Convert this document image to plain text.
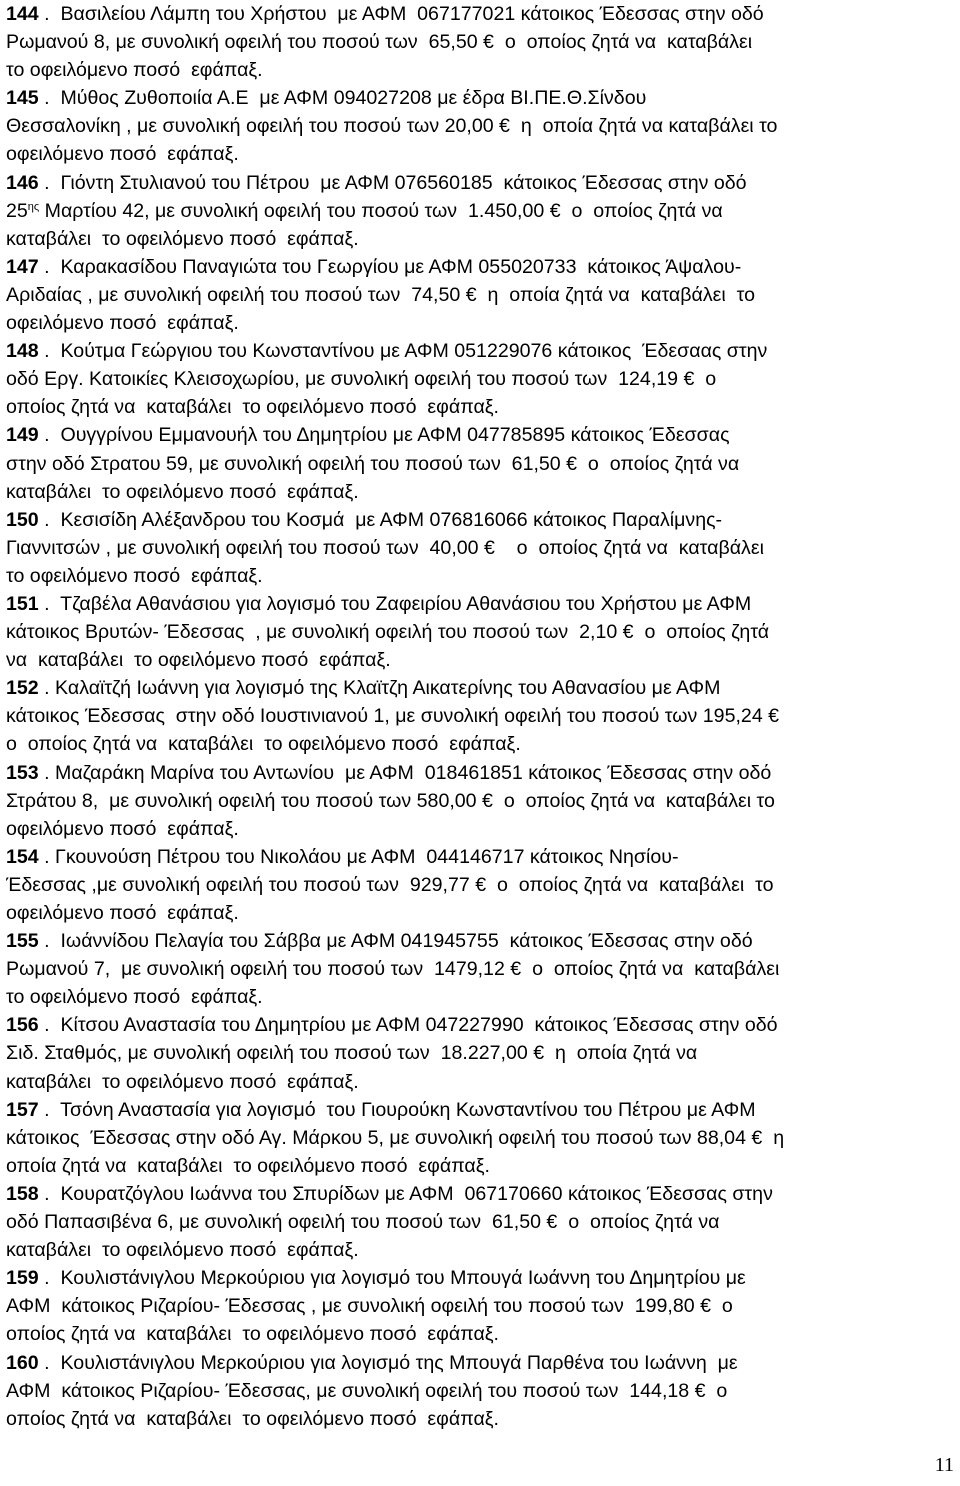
144 .  Βασιλείου Λάμπη του Χρήστου  με ΑΦΜ  067177021 κάτοικος Έδεσσας στην οδό
Ρωμανού 8, με συνολική οφειλή του ποσού των  65,50 €  ο  οποίος ζητά να  καταβάλει
το οφειλόμενο ποσό  εφάπαξ.
145 .  Μύθος Ζυθοποιία Α.Ε  με ΑΦΜ 094027208 με έδρα ΒΙ.ΠΕ.Θ.Σίνδου
Θεσσαλονίκη , με συνολική οφειλή του ποσού των 20,00 €  η  οποία ζητά να καταβάλει το
οφειλόμενο ποσό  εφάπαξ.
146 .  Γιόντη Στυλιανού του Πέτρου  με ΑΦΜ 076560185  κάτοικος Έδεσσας στην οδό
$25^{\eta\varsigma}$ Μαρτίου 42, με συνολική οφειλή του ποσού των  1.450,00 €  ο  οποίος ζητά να
καταβάλει  το οφειλόμενο ποσό  εφάπαξ.
147 .  Καρακασίδου Παναγιώτα του Γεωργίου με ΑΦΜ 055020733  κάτοικος Άψαλου-
Αριδαίας , με συνολική οφειλή του ποσού των  74,50 €  η  οποία ζητά να  καταβάλει  το
οφειλόμενο ποσό  εφάπαξ.
148 .  Κούτμα Γεώργιου του Κωνσταντίνου με ΑΦΜ 051229076 κάτοικος  Έδεσαας στην
οδό Εργ. Κατοικίες Κλεισοχωρίου, με συνολική οφειλή του ποσού των  124,19 €  ο
οποίος ζητά να  καταβάλει  το οφειλόμενο ποσό  εφάπαξ.
149 .  Ουγγρίνου Εμμανουήλ του Δημητρίου με ΑΦΜ 047785895 κάτοικος Έδεσσας
στην οδό Στρατου 59, με συνολική οφειλή του ποσού των  61,50 €  ο  οποίος ζητά να
καταβάλει  το οφειλόμενο ποσό  εφάπαξ.
150 .  Κεσισίδη Αλέξανδρου του Κοσμά  με ΑΦΜ 076816066 κάτοικος Παραλίμνης-
Γιαννιτσών , με συνολική οφειλή του ποσού των  40,00 €    ο  οποίος ζητά να  καταβάλει
το οφειλόμενο ποσό  εφάπαξ.
151 .  Τζαβέλα Αθανάσιου για λογισμό του Ζαφειρίου Αθανάσιου του Χρήστου με ΑΦΜ
κάτοικος Βρυτών- Έδεσσας  , με συνολική οφειλή του ποσού των  2,10 €  ο  οποίος ζητά
να  καταβάλει  το οφειλόμενο ποσό  εφάπαξ.
152 . Καλαϊτζή Ιωάννη για λογισμό της Κλαϊτζη Αικατερίνης του Αθανασίου με ΑΦΜ
κάτοικος Έδεσσας  στην οδό Ιουστινιανού 1, με συνολική οφειλή του ποσού των 195,24 €
ο  οποίος ζητά να  καταβάλει  το οφειλόμενο ποσό  εφάπαξ.
153 . Μαζαράκη Μαρίνα του Αντωνίου  με ΑΦΜ  018461851 κάτοικος Έδεσσας στην οδό
Στράτου 8,  με συνολική οφειλή του ποσού των 580,00 €  ο  οποίος ζητά να  καταβάλει το
οφειλόμενο ποσό  εφάπαξ.
154 . Γκουνούση Πέτρου του Νικολάου με ΑΦΜ  044146717 κάτοικος Νησίου-
Έδεσσας ,με συνολική οφειλή του ποσού των  929,77 €  ο  οποίος ζητά να  καταβάλει  το
οφειλόμενο ποσό  εφάπαξ.
155 .  Ιωάννίδου Πελαγία του Σάββα με ΑΦΜ 041945755  κάτοικος Έδεσσας στην οδό
Ρωμανού 7,  με συνολική οφειλή του ποσού των  1479,12 €  ο  οποίος ζητά να  καταβάλει
το οφειλόμενο ποσό  εφάπαξ.
156 .  Κίτσου Αναστασία του Δημητρίου με ΑΦΜ 047227990  κάτοικος Έδεσσας στην οδό
Σιδ. Σταθμός, με συνολική οφειλή του ποσού των  18.227,00 €  η  οποία ζητά να
καταβάλει  το οφειλόμενο ποσό  εφάπαξ.
157 .  Τσόνη Αναστασία για λογισμό  του Γιουρούκη Κωνσταντίνου του Πέτρου με ΑΦΜ
κάτοικος  Έδεσσας στην οδό Αγ. Μάρκου 5, με συνολική οφειλή του ποσού των 88,04 €  η
οποία ζητά να  καταβάλει  το οφειλόμενο ποσό  εφάπαξ.
158 .  Κουρατζόγλου Ιωάννα του Σπυρίδων με ΑΦΜ  067170660 κάτοικος Έδεσσας στην
οδό Παπασιβένα 6, με συνολική οφειλή του ποσού των  61,50 €  ο  οποίος ζητά να
καταβάλει  το οφειλόμενο ποσό  εφάπαξ.
159 .  Κουλιστάνιγλου Μερκούριου για λογισμό του Μπουγά Ιωάννη του Δημητρίου με
ΑΦΜ  κάτοικος Ριζαρίου- Έδεσσας , με συνολική οφειλή του ποσού των  199,80 €  ο
οποίος ζητά να  καταβάλει  το οφειλόμενο ποσό  εφάπαξ.
160 .  Κουλιστάνιγλου Μερκούριου για λογισμό της Μπουγά Παρθένα του Ιωάννη  με
ΑΦΜ  κάτοικος Ριζαρίου- Έδεσσας, με συνολική οφειλή του ποσού των  144,18 €  ο
οποίος ζητά να  καταβάλει  το οφειλόμενο ποσό  εφάπαξ.
11
